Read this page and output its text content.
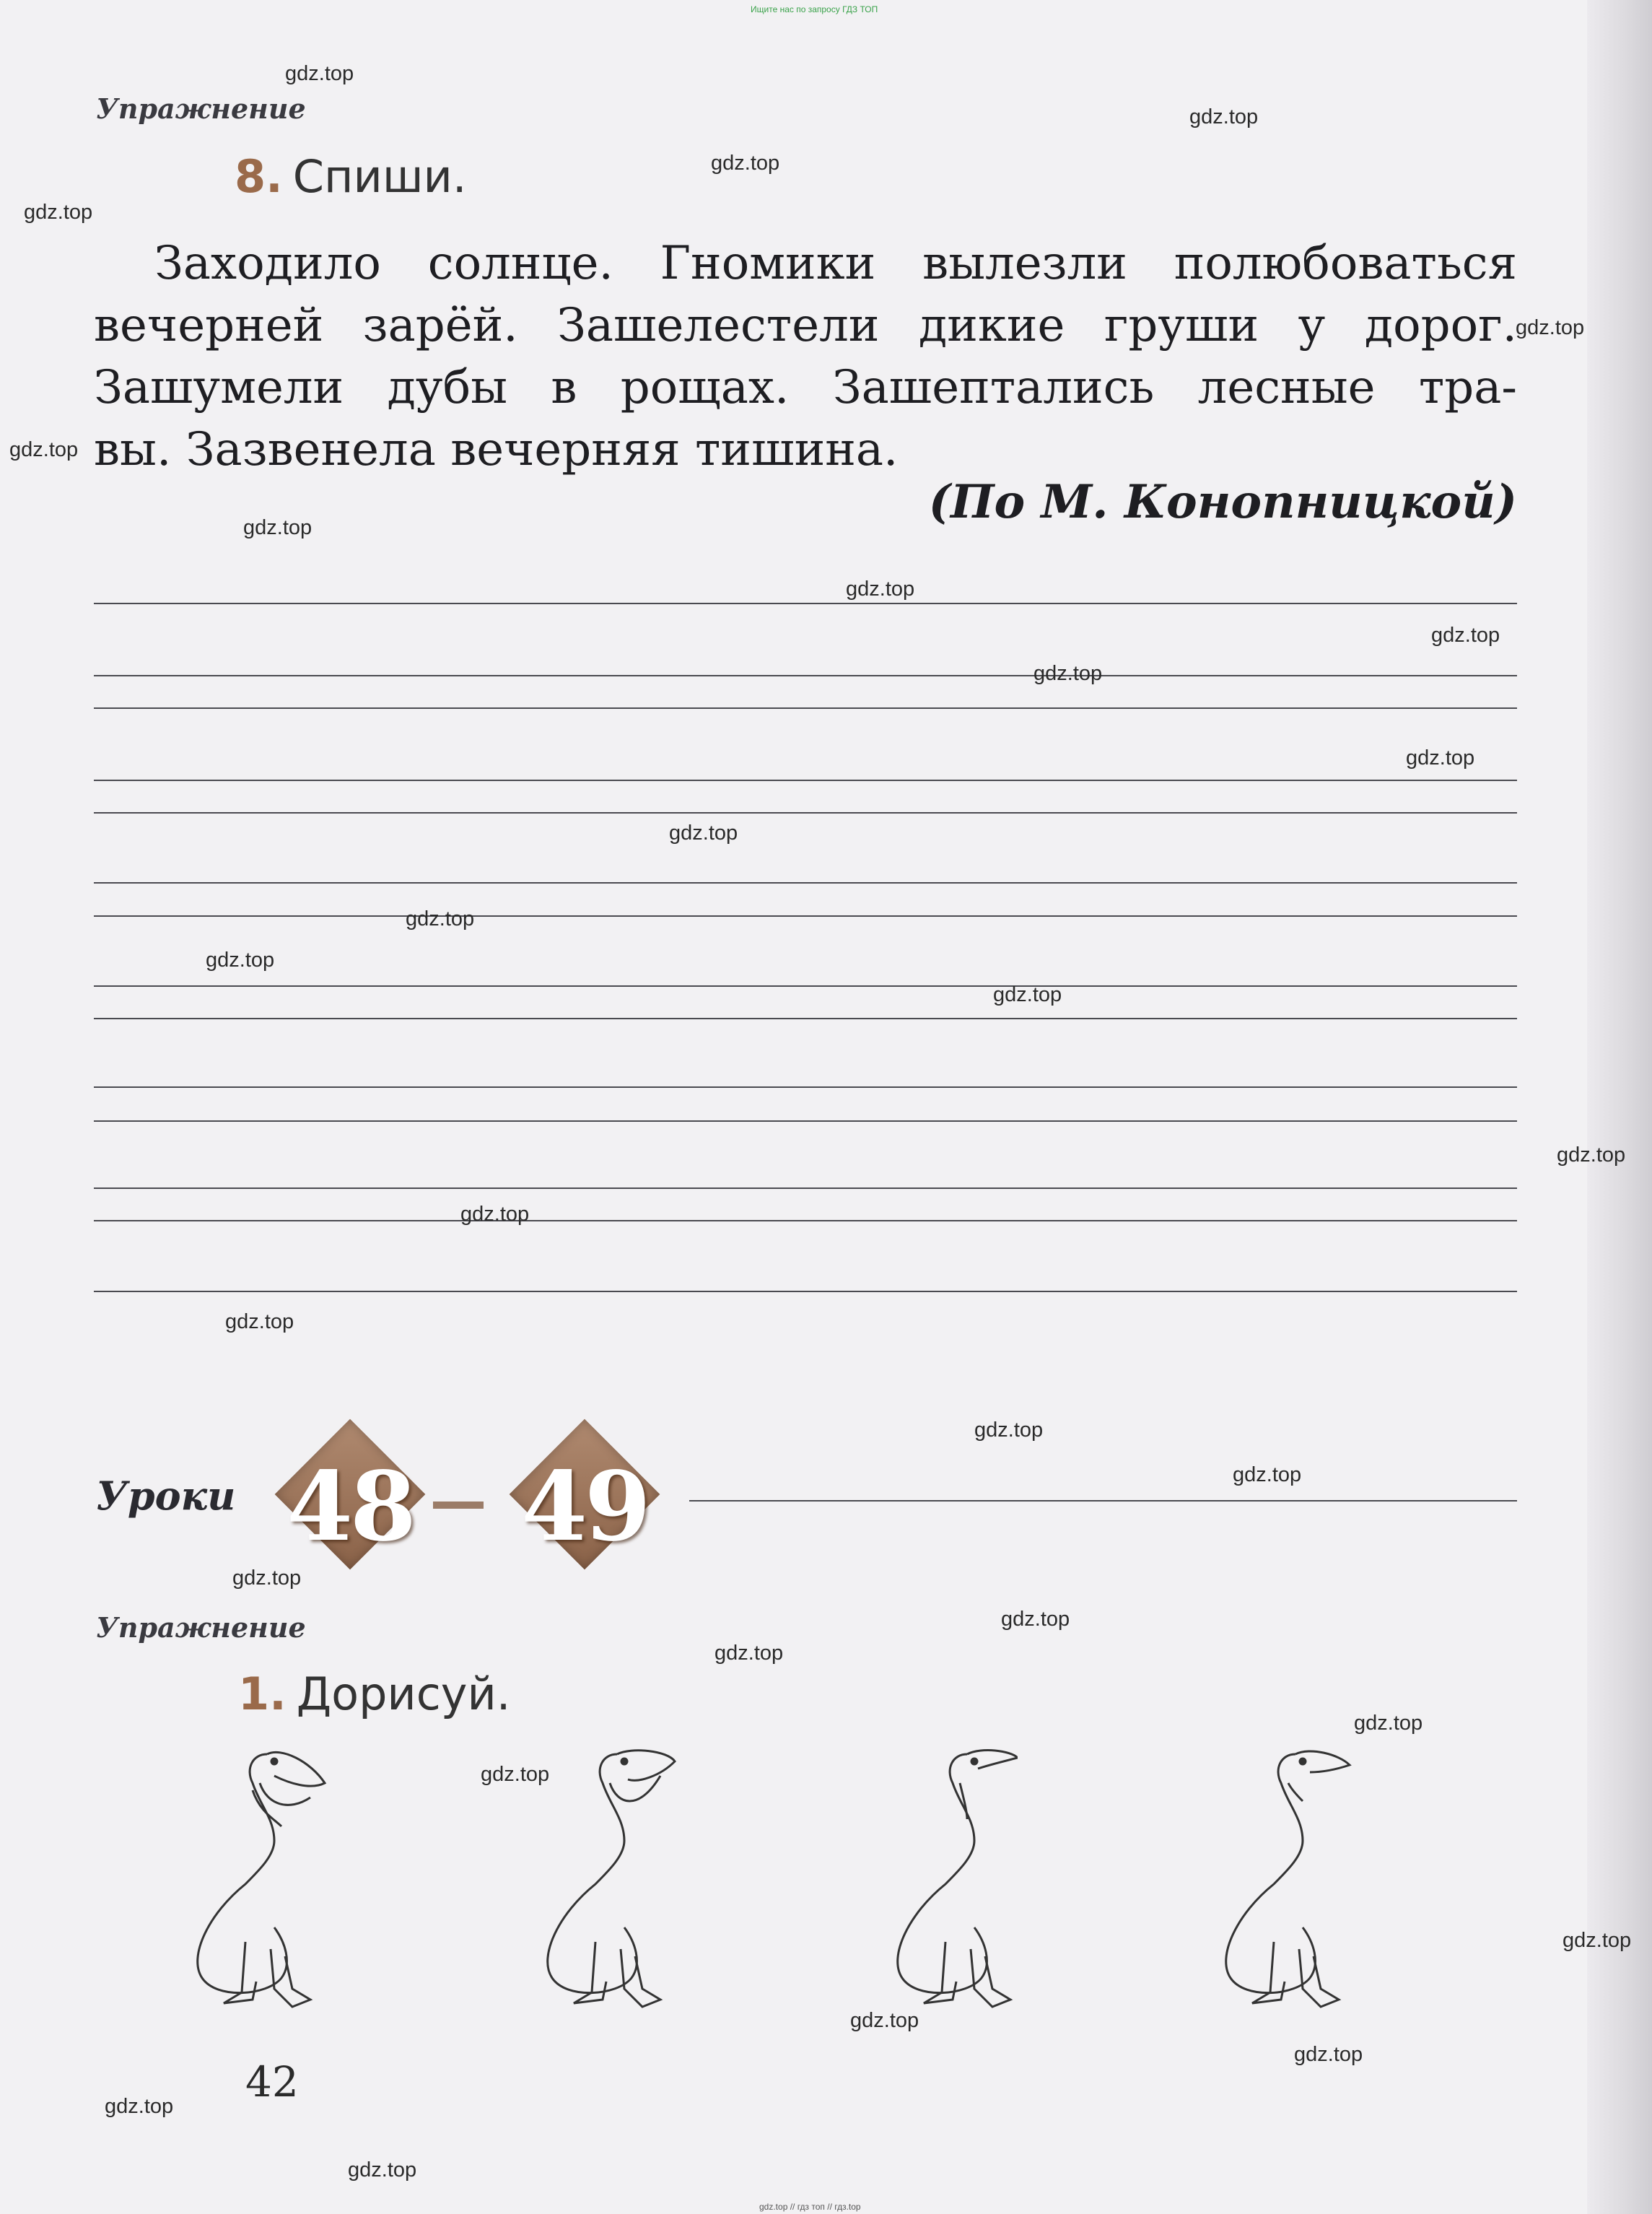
Ищите нас по запросу ГДЗ ТОП
Упражнение
8. Спиши.
Заходило солнце. Гномики вылезли полюбоваться
вечерней зарёй. Зашелестели дикие груши у дорог.
Зашумели дубы в рощах. Зашептались лесные тра-
вы. Зазвенела вечерняя тишина.
(По М. Конопницкой)
Уроки 48	49
Упражнение
1. Дорисуй.
42
gdz.top
gdz.top
gdz.top
gdz.top
gdz.top
gdz.top
gdz.top
gdz.top
gdz.top
gdz.top
gdz.top
gdz.top
gdz.top
gdz.top
gdz.top
gdz.top
gdz.top
gdz.top
gdz.top
gdz.top
gdz.top
gdz.top
gdz.top
gdz.top
gdz.top
gdz.top
gdz.top
gdz.top
gdz.top
gdz.top
gdz.top // гдз топ // гдз.top
